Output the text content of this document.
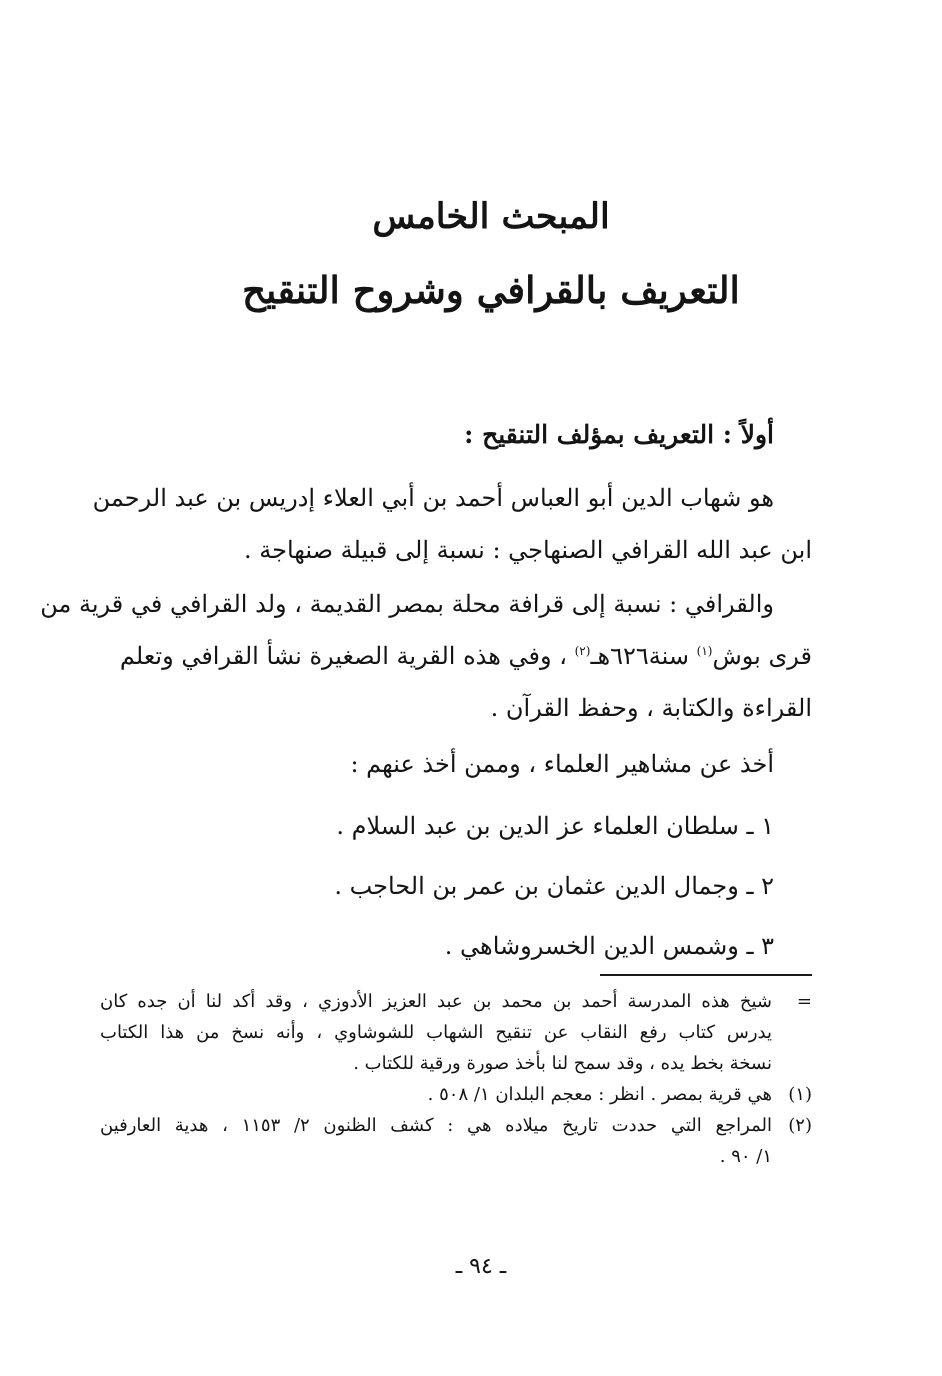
المبحث الخامس
التعريف بالقرافي وشروح التنقيح
أولاً : التعريف بمؤلف التنقيح :
هو شهاب الدين أبو العباس أحمد بن أبي العلاء إدريس بن عبد الرحمن
ابن عبد الله القرافي الصنهاجي : نسبة إلى قبيلة صنهاجة .
والقرافي : نسبة إلى قرافة محلة بمصر القديمة ، ولد القرافي في قرية من
قرى بوش$^{(١)}$ سنة٦٢٦هـ$^{(٢)}$ ، وفي هذه القرية الصغيرة نشأ القرافي وتعلم
القراءة والكتابة ، وحفظ القرآن .
أخذ عن مشاهير العلماء ، وممن أخذ عنهم :
١ ـ سلطان العلماء عز الدين بن عبد السلام .
٢ ـ وجمال الدين عثمان بن عمر بن الحاجب .
٣ ـ وشمس الدين الخسروشاهي .
=
شيخ هذه المدرسة أحمد بن محمد بن عبد العزيز الأدوزي ، وقد أكد لنا أن جده كان
يدرس كتاب رفع النقاب عن تنقيح الشهاب للشوشاوي ، وأنه نسخ من هذا الكتاب
نسخة بخط يده ، وقد سمح لنا بأخذ صورة ورقية للكتاب .
(١)
هي قرية بمصر . انظر : معجم البلدان ١/ ٥٠٨ .
(٢)
المراجع التي حددت تاريخ ميلاده هي : كشف الظنون ٢/ ١١٥٣ ، هدية العارفين
١/ ٩٠ .
ـ ٩٤ ـ
